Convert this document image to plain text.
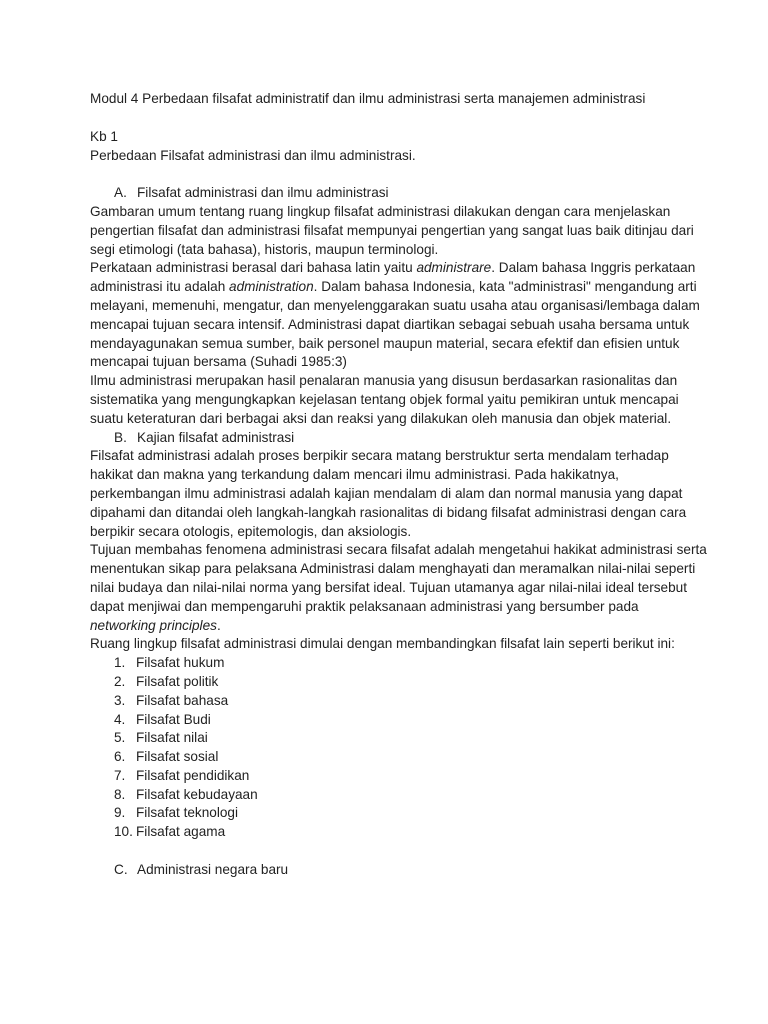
Modul 4 Perbedaan filsafat administratif dan ilmu administrasi serta manajemen administrasi

Kb 1

Perbedaan Filsafat administrasi dan ilmu administrasi.

A. Filsafat administrasi dan ilmu administrasi

Gambaran umum tentang ruang lingkup filsafat administrasi dilakukan dengan cara menjelaskan pengertian filsafat dan administrasi filsafat mempunyai pengertian yang sangat luas baik ditinjau dari segi etimologi (tata bahasa), historis, maupun terminologi.

Perkataan administrasi berasal dari bahasa latin yaitu administrare. Dalam bahasa Inggris perkataan administrasi itu adalah administration. Dalam bahasa Indonesia, kata "administrasi" mengandung arti melayani, memenuhi, mengatur, dan menyelenggarakan suatu usaha atau organisasi/lembaga dalam mencapai tujuan secara intensif. Administrasi dapat diartikan sebagai sebuah usaha bersama untuk mendayagunakan semua sumber, baik personel maupun material, secara efektif dan efisien untuk mencapai tujuan bersama (Suhadi 1985:3)

Ilmu administrasi merupakan hasil penalaran manusia yang disusun berdasarkan rasionalitas dan sistematika yang mengungkapkan kejelasan tentang objek formal yaitu pemikiran untuk mencapai suatu keteraturan dari berbagai aksi dan reaksi yang dilakukan oleh manusia dan objek material.

B. Kajian filsafat administrasi

Filsafat administrasi adalah proses berpikir secara matang berstruktur serta mendalam terhadap hakikat dan makna yang terkandung dalam mencari ilmu administrasi. Pada hakikatnya, perkembangan ilmu administrasi adalah kajian mendalam di alam dan normal manusia yang dapat dipahami dan ditandai oleh langkah-langkah rasionalitas di bidang filsafat administrasi dengan cara berpikir secara otologis, epitemologis, dan aksiologis.

Tujuan membahas fenomena administrasi secara filsafat adalah mengetahui hakikat administrasi serta menentukan sikap para pelaksana Administrasi dalam menghayati dan meramalkan nilai-nilai seperti nilai budaya dan nilai-nilai norma yang bersifat ideal. Tujuan utamanya agar nilai-nilai ideal tersebut dapat menjiwai dan mempengaruhi praktik pelaksanaan administrasi yang bersumber pada networking principles.

Ruang lingkup filsafat administrasi dimulai dengan membandingkan filsafat lain seperti berikut ini:

1. Filsafat hukum
2. Filsafat politik
3. Filsafat bahasa
4. Filsafat Budi
5. Filsafat nilai
6. Filsafat sosial
7. Filsafat pendidikan
8. Filsafat kebudayaan
9. Filsafat teknologi
10. Filsafat agama
C. Administrasi negara baru
